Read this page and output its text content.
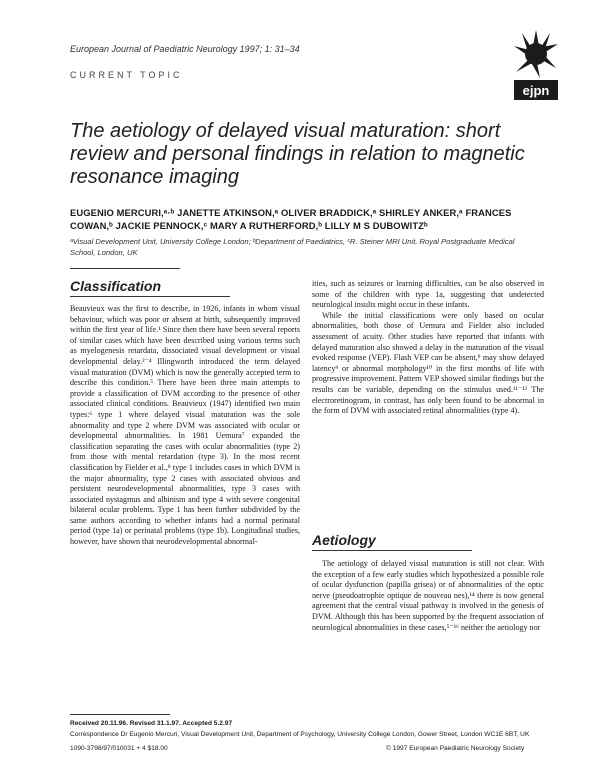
European Journal of Paediatric Neurology 1997; 1: 31–34
CURRENT TOPIC
ejpn
The aetiology of delayed visual maturation: short review and personal findings in relation to magnetic resonance imaging

EUGENIO MERCURI,ᵃ·ᵇ JANETTE ATKINSON,ᵃ OLIVER BRADDICK,ᵃ SHIRLEY ANKER,ᵃ FRANCES COWAN,ᵇ JACKIE PENNOCK,ᶜ MARY A RUTHERFORD,ᵇ LILLY M S DUBOWITZᵇ

ᵃVisual Development Unit, University College London; ᵇDepartment of Paediatrics, ᶜR. Steiner MRI Unit, Royal Postgraduate Medical School, London, UK

Classification

Beauvieux was the first to describe, in 1926, infants in whom visual behaviour, which was poor or absent at birth, subsequently improved within the first year of life.¹ Since then there have been several reports of similar cases which have been described using various terms such as myelogenesis retardata, dissociated visual development or visual developmental delay.²⁻⁴ Illingworth introduced the term delayed visual maturation (DVM) which is now the generally accepted term to describe this condition.⁵ There have been three main attempts to provide a classification of DVM according to the presence of other associated clinical conditions. Beauvieux (1947) identified two main types:⁶ type 1 where delayed visual maturation was the sole abnormality and type 2 where DVM was associated with ocular or developmental abnormalities. In 1981 Uemura⁷ expanded the classification separating the cases with ocular abnormalities (type 2) from those with mental retardation (type 3). In the most recent classification by Fielder et al.,⁸ type 1 includes cases in which DVM is the major abnormality, type 2 cases with associated obvious and persistent neurodevelopmental abnormalities, type 3 cases with associated nystagmus and albinism and type 4 with severe congenital bilateral ocular problems. Type 1 has been further subdivided by the same authors according to whether infants had a normal perinatal period (type 1a) or perinatal problems (type 1b). Longitudinal studies, however, have shown that neurodevelopmental abnormal-

ities, such as seizures or learning difficulties, can be also observed in some of the children with type 1a, suggesting that undetected neurological insults might occur in these infants.

While the initial classifications were only based on ocular abnormalities, both those of Uemura and Fielder also included assessment of acuity. Other studies have reported that infants with delayed maturation also showed a delay in the maturation of the visual evoked response (VEP). Flash VEP can be absent,⁹ may show delayed latency⁹ or abnormal morphology¹⁰ in the first months of life with progressive improvement. Pattern VEP showed similar findings but the results can be variable, depending on the stimulus used.¹¹⁻¹³ The electroretinogram, in contrast, has only been found to be abnormal in the form of DVM with associated retinal abnormalities (type 4).

Aetiology

The aetiology of delayed visual maturation is still not clear. With the exception of a few early studies which hypothesized a possible role of ocular dysfunction (papilla grisea) or of abnormalities of the optic nerve (pseudoatrophie optique de nouveau nes),¹⁴ there is now general agreement that the central visual pathway is involved in the genesis of DVM. Although this has been supported by the frequent association of neurological abnormalities in these cases,⁵⁻¹⁶ neither the aetiology nor

Received 20.11.96. Revised 31.1.97. Accepted 5.2.97
Correspondence Dr Eugenio Mercuri, Visual Development Unit, Department of Psychology, University College London, Gower Street, London WC1E 6BT, UK
1090-3798/97/010031 + 4 $18.00	© 1997 European Paediatric Neurology Society
